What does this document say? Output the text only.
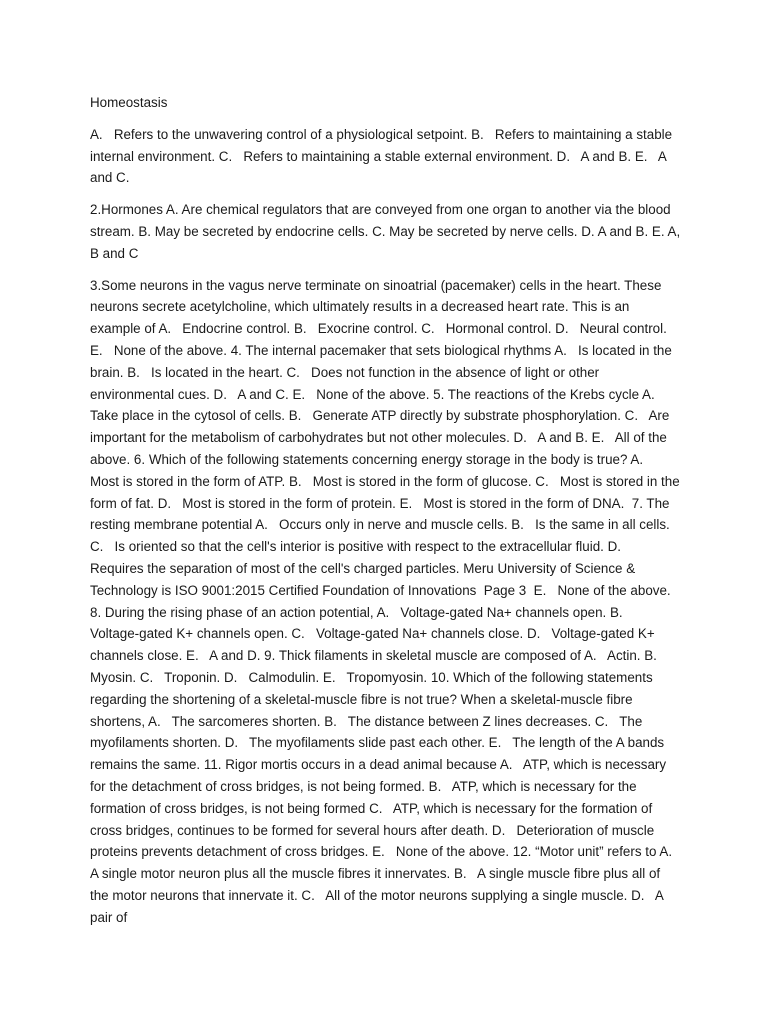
Homeostasis
A.   Refers to the unwavering control of a physiological setpoint. B.   Refers to maintaining a stable internal environment. C.   Refers to maintaining a stable external environment. D.   A and B. E.   A and C.
2.Hormones A. Are chemical regulators that are conveyed from one organ to another via the blood stream. B. May be secreted by endocrine cells. C. May be secreted by nerve cells. D. A and B. E. A, B and C
3.Some neurons in the vagus nerve terminate on sinoatrial (pacemaker) cells in the heart. These neurons secrete acetylcholine, which ultimately results in a decreased heart rate. This is an example of A.   Endocrine control. B.   Exocrine control. C.   Hormonal control. D.   Neural control. E.   None of the above. 4. The internal pacemaker that sets biological rhythms A.   Is located in the brain. B.   Is located in the heart. C.   Does not function in the absence of light or other environmental cues. D.   A and C. E.   None of the above. 5. The reactions of the Krebs cycle A.   Take place in the cytosol of cells. B.   Generate ATP directly by substrate phosphorylation. C.   Are important for the metabolism of carbohydrates but not other molecules. D.   A and B. E.   All of the above. 6. Which of the following statements concerning energy storage in the body is true? A.   Most is stored in the form of ATP. B.   Most is stored in the form of glucose. C.   Most is stored in the form of fat. D.   Most is stored in the form of protein. E.   Most is stored in the form of DNA.  7. The resting membrane potential A.   Occurs only in nerve and muscle cells. B.   Is the same in all cells. C.   Is oriented so that the cell's interior is positive with respect to the extracellular fluid. D.   Requires the separation of most of the cell's charged particles. Meru University of Science & Technology is ISO 9001:2015 Certified Foundation of Innovations  Page 3  E.   None of the above. 8. During the rising phase of an action potential, A.   Voltage-gated Na+ channels open. B.   Voltage-gated K+ channels open. C.   Voltage-gated Na+ channels close. D.   Voltage-gated K+ channels close. E.   A and D. 9. Thick filaments in skeletal muscle are composed of A.   Actin. B.   Myosin. C.   Troponin. D.   Calmodulin. E.   Tropomyosin. 10. Which of the following statements regarding the shortening of a skeletal-muscle fibre is not true? When a skeletal-muscle fibre shortens, A.   The sarcomeres shorten. B.   The distance between Z lines decreases. C.   The myofilaments shorten. D.   The myofilaments slide past each other. E.   The length of the A bands remains the same. 11. Rigor mortis occurs in a dead animal because A.   ATP, which is necessary for the detachment of cross bridges, is not being formed. B.   ATP, which is necessary for the formation of cross bridges, is not being formed C.   ATP, which is necessary for the formation of cross bridges, continues to be formed for several hours after death. D.   Deterioration of muscle proteins prevents detachment of cross bridges. E.   None of the above. 12. “Motor unit” refers to A.   A single motor neuron plus all the muscle fibres it innervates. B.   A single muscle fibre plus all of the motor neurons that innervate it. C.   All of the motor neurons supplying a single muscle. D.   A pair of
